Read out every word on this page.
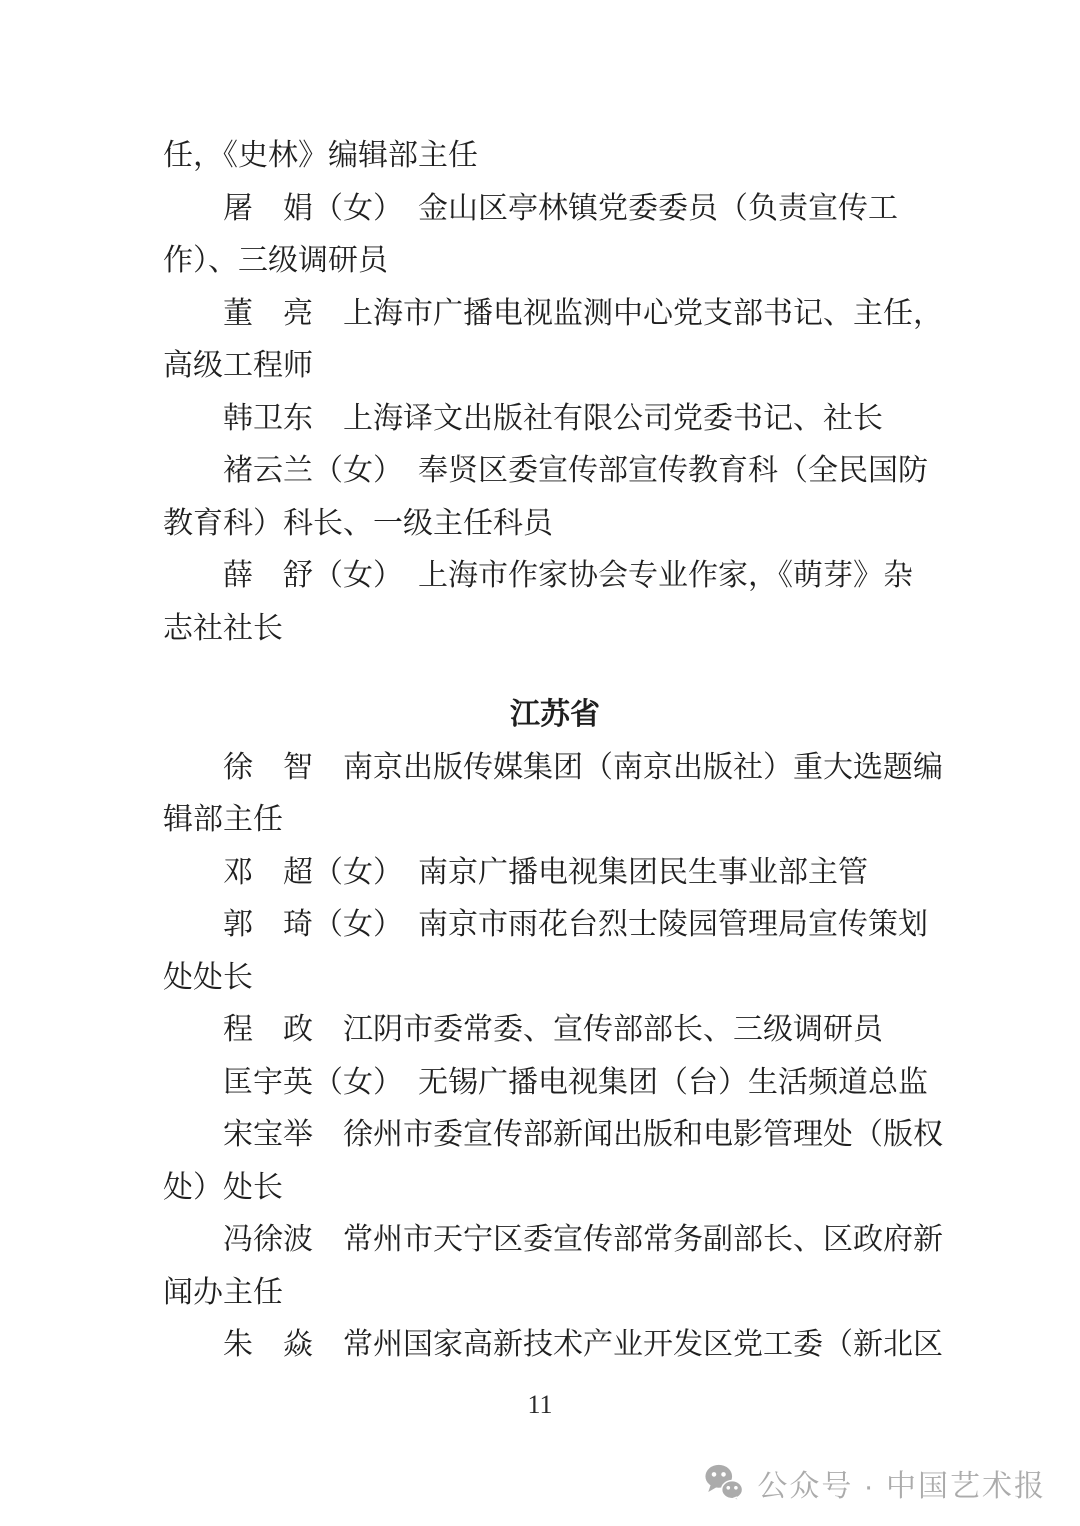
任，《史林》编辑部主任
屠　娟（女）　金山区亭林镇党委委员（负责宣传工
作）、三级调研员
董　亮　上海市广播电视监测中心党支部书记、主任，
高级工程师
韩卫东　上海译文出版社有限公司党委书记、社长
褚云兰（女）　奉贤区委宣传部宣传教育科（全民国防
教育科）科长、一级主任科员
薛　舒（女）　上海市作家协会专业作家，《萌芽》杂
志社社长
江苏省
徐　智　南京出版传媒集团（南京出版社）重大选题编
辑部主任
邓　超（女）　南京广播电视集团民生事业部主管
郭　琦（女）　南京市雨花台烈士陵园管理局宣传策划
处处长
程　政　江阴市委常委、宣传部部长、三级调研员
匡宇英（女）　无锡广播电视集团（台）生活频道总监
宋宝举　徐州市委宣传部新闻出版和电影管理处（版权
处）处长
冯徐波　常州市天宁区委宣传部常务副部长、区政府新
闻办主任
朱　焱　常州国家高新技术产业开发区党工委（新北区
11
公众号 · 中国艺术报
